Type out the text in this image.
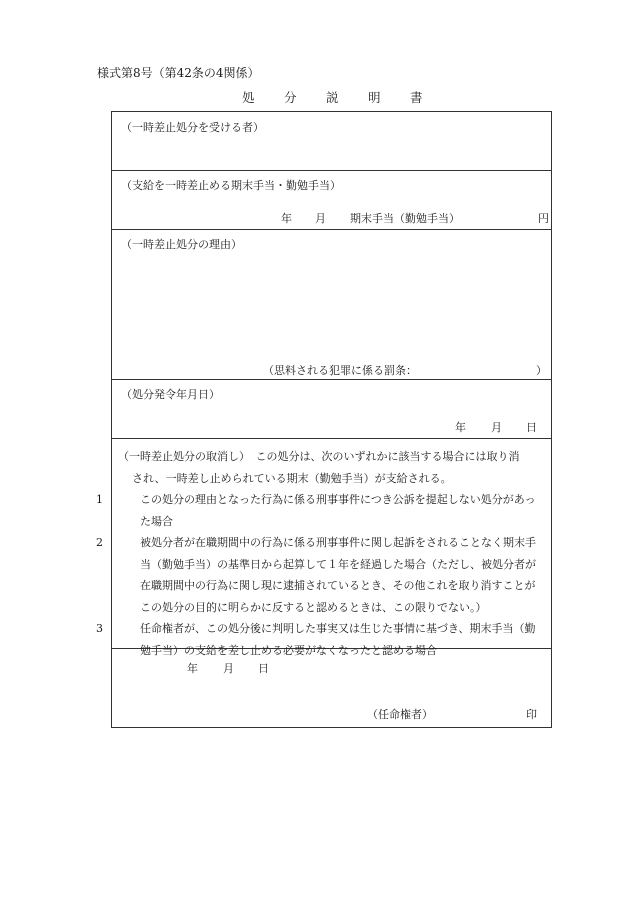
様式第8号（第42条の4関係）
処 分 説 明 書
（一時差止処分を受ける者）
（支給を一時差止める期末手当・勤勉手当）
年 月 期末手当（勤勉手当）	円
（一時差止処分の理由）
（思料される犯罪に係る罰条：	）
（処分発令年月日）
年 月 日

（一時差止処分の取消し）　この処分は、次のいずれかに該当する場合には取り消

され、一時差し止められている期末（勤勉手当）が支給される。

1	この処分の理由となった行為に係る刑事事件につき公訴を提起しない処分があった場合

2	被処分者が在職期間中の行為に係る刑事事件に関し起訴をされることなく期末手当（勤勉手当）の基準日から起算して１年を経過した場合（ただし、被処分者が在職期間中の行為に関し現に逮捕されているとき、その他これを取り消すことがこの処分の目的に明らかに反すると認めるときは、この限りでない。）

3	任命権者が、この処分後に判明した事実又は生じた事情に基づき、期末手当（勤勉手当）の支給を差し止める必要がなくなったと認める場合

年 月 日
（任命権者）	印
